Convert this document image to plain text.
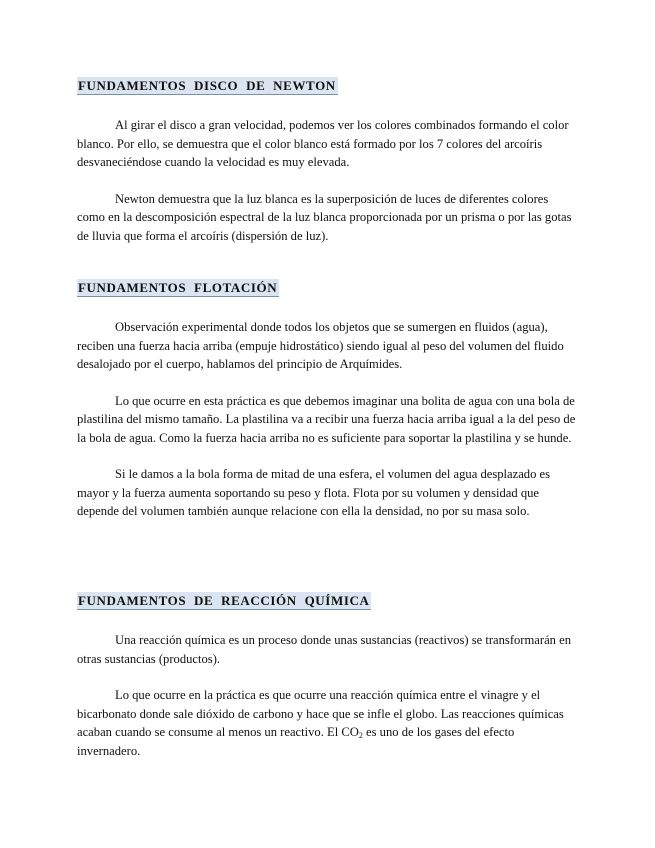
FUNDAMENTOS DISCO DE NEWTON

Al girar el disco a gran velocidad, podemos ver los colores combinados formando el color blanco. Por ello, se demuestra que el color blanco está formado por los 7 colores del arcoíris desvaneciéndose cuando la velocidad es muy elevada.

Newton demuestra que la luz blanca es la superposición de luces de diferentes colores como en la descomposición espectral de la luz blanca proporcionada por un prisma o por las gotas de lluvia que forma el arcoíris (dispersión de luz).

FUNDAMENTOS FLOTACIÓN

Observación experimental donde todos los objetos que se sumergen en fluidos (agua), reciben una fuerza hacia arriba (empuje hidrostático) siendo igual al peso del volumen del fluido desalojado por el cuerpo, hablamos del principio de Arquímides.

Lo que ocurre en esta práctica es que debemos imaginar una bolita de agua con una bola de plastilina del mismo tamaño. La plastilina va a recibir una fuerza hacia arriba igual a la del peso de la bola de agua. Como la fuerza hacia arriba no es suficiente para soportar la plastilina y se hunde.

Si le damos a la bola forma de mitad de una esfera, el volumen del agua desplazado es mayor y la fuerza aumenta soportando su peso y flota. Flota por su volumen y densidad que depende del volumen también aunque relacione con ella la densidad, no por su masa solo.

FUNDAMENTOS DE REACCIÓN QUÍMICA

Una reacción química es un proceso donde unas sustancias (reactivos) se transformarán en otras sustancias (productos).

Lo que ocurre en la práctica es que ocurre una reacción química entre el vinagre y el bicarbonato donde sale dióxido de carbono y hace que se infle el globo. Las reacciones químicas acaban cuando se consume al menos un reactivo. El $CO_2$ es uno de los gases del efecto invernadero.
